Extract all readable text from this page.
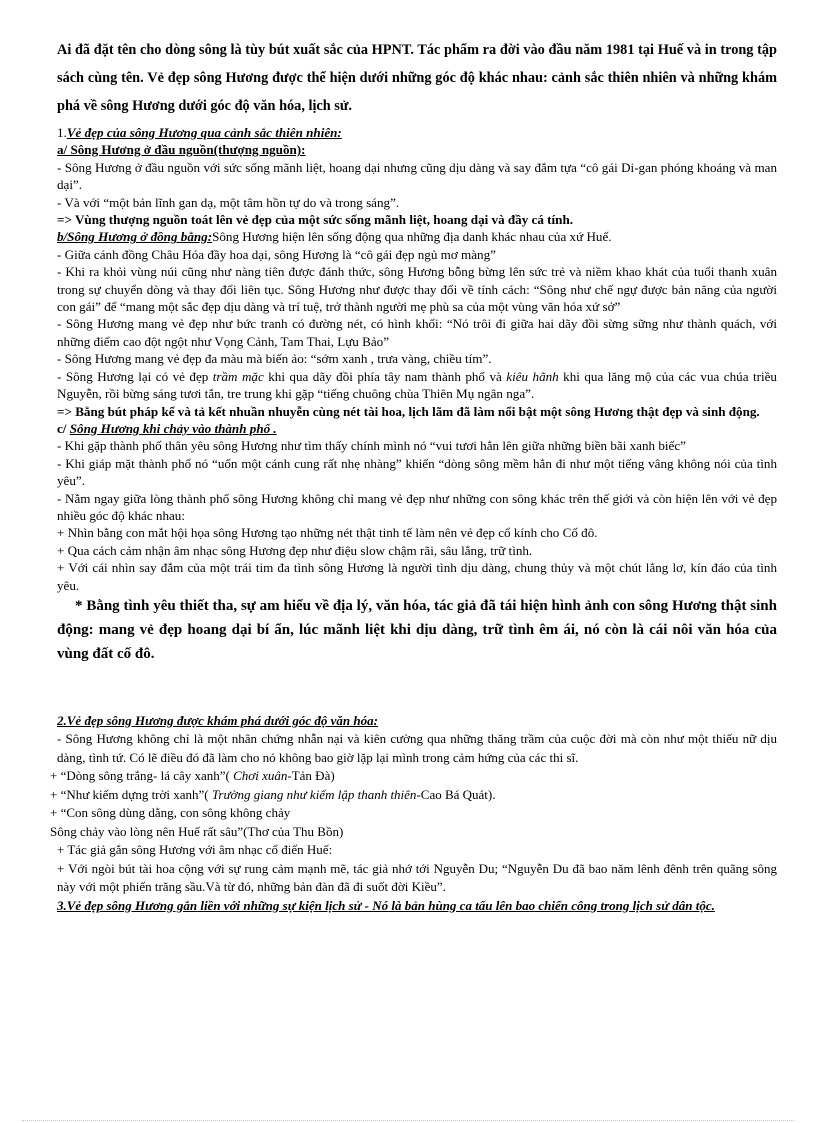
Ai đã đặt tên cho dòng sông là tùy bút xuất sắc của HPNT. Tác phẩm ra đời vào đầu năm 1981 tại Huế và in trong tập sách cùng tên. Vẻ đẹp sông Hương được thể hiện dưới những góc độ khác nhau: cảnh sắc thiên nhiên và những khám phá về sông Hương dưới góc độ văn hóa, lịch sử.

1.Vẻ đẹp của sông Hương qua cảnh sắc thiên nhiên:

a/ Sông Hương ở đầu nguồn(thượng nguồn):

- Sông Hương ở đầu nguồn với sức sống mãnh liệt, hoang dại nhưng cũng dịu dàng và say đắm tựa “cô gái Di-gan phóng khoáng và man dại”.

- Và với “một bản lĩnh gan dạ, một tâm hồn tự do và trong sáng”.

=> Vùng thượng nguồn toát lên vẻ đẹp của một sức sống mãnh liệt, hoang dại và đầy cá tính.

b/Sông Hương ở đồng bằng:Sông Hương hiện lên sống động qua những địa danh khác nhau của xứ Huế.

- Giữa cánh đồng Châu Hóa đầy hoa dại, sông Hương là “cô gái đẹp ngủ mơ màng”

- Khi ra khỏi vùng núi cũng như nàng tiên được đánh thức, sông Hương bỗng bừng lên sức trẻ và niềm khao khát của tuổi thanh xuân trong sự chuyển dòng và thay đổi liên tục. Sông Hương như được thay đổi về tính cách: “Sông như chế ngự được bản năng của người con gái” để “mang một sắc đẹp dịu dàng và trí tuệ, trở thành người mẹ phù sa của một vùng văn hóa xứ sở”

- Sông Hương mang vẻ đẹp như bức tranh có đường nét, có hình khối: “Nó trôi đi giữa hai dãy đồi sừng sững như thành quách, với những điểm cao đột ngột như Vọng Cảnh, Tam Thai, Lựu Bảo”

- Sông Hương mang vẻ đẹp đa màu mà biến ảo: “sớm xanh , trưa vàng, chiều tím”.

- Sông Hương lại có vẻ đẹp trầm mặc khi qua dãy đồi phía tây nam thành phố và kiêu hãnh khi qua lăng mộ của các vua chúa triều Nguyễn, rồi bừng sáng tươi tắn, tre trung khi gặp “tiếng chuông chùa Thiên Mụ ngân nga”.

=> Bằng bút pháp kể và tả kết nhuần nhuyễn cùng nét tài hoa, lịch lãm đã làm nổi bật một sông Hương thật đẹp và sinh động.

c/ Sông Hương khi chảy vào thành phố .

- Khi gặp thành phố thân yêu sông Hương như tìm thấy chính mình nó “vui tươi hẳn lên giữa những biền bãi xanh biếc”

- Khi giáp mặt thành phố nó “uốn một cánh cung rất nhẹ nhàng” khiến “dòng sông mềm hẳn đi như một tiếng vâng không nói của tình yêu”.

- Nằm ngay giữa lòng thành phố sông Hương không chỉ mang vẻ đẹp như những con sông khác trên thế giới và còn hiện lên với vẻ đẹp nhiều góc độ khác nhau:

+ Nhìn bằng con mắt hội họa sông Hương tạo những nét thật tinh tế làm nên vẻ đẹp cổ kính cho Cố đô.

+ Qua cách cảm nhận âm nhạc sông Hương đẹp như điệu slow chậm rãi, sâu lắng, trữ tình.

+ Với cái nhìn say đắm của một trái tim đa tình sông Hương là người tình dịu dàng, chung thủy và một chút lẳng lơ, kín đáo của tình yêu.

* Bằng tình yêu thiết tha, sự am hiểu về địa lý, văn hóa, tác giả đã tái hiện hình ảnh con sông Hương thật sinh động: mang vẻ đẹp hoang dại bí ẩn, lúc mãnh liệt khi dịu dàng, trữ tình êm ái, nó còn là cái nôi văn hóa của vùng đất cố đô.

2.Vẻ đẹp sông Hương được khám phá dưới góc độ văn hóa:

- Sông Hương không chỉ là một nhân chứng nhẫn nại và kiên cường qua những thăng trầm của cuộc đời mà còn như một thiếu nữ dịu dàng, tình tứ. Có lẽ điều đó đã làm cho nó không bao giờ lặp lại mình trong cảm hứng của các thi sĩ.

+ “Dòng sông trắng- lá cây xanh”( Chơi xuân-Tản Đà)

+ “Như kiếm dựng trời xanh”( Trường giang như kiếm lập thanh thiên-Cao Bá Quát).

+ “Con sông dùng dằng, con sông không chảy

Sông chảy vào lòng nên Huế rất sâu”(Thơ của Thu Bồn)

+ Tác giả gắn sông Hương với âm nhạc cổ điển Huế:

+ Với ngòi bút tài hoa cộng với sự rung cảm mạnh mẽ, tác giả nhớ tới Nguyễn Du; “Nguyễn Du đã bao năm lênh đênh trên quãng sông này với một phiến trăng sầu.Và từ đó, những bản đàn đã đi suốt đời Kiều”.

3.Vẻ đẹp sông Hương gắn liền với những sự kiện lịch sử - Nó là bản hùng ca tấu lên bao chiến công trong lịch sử dân tộc.
